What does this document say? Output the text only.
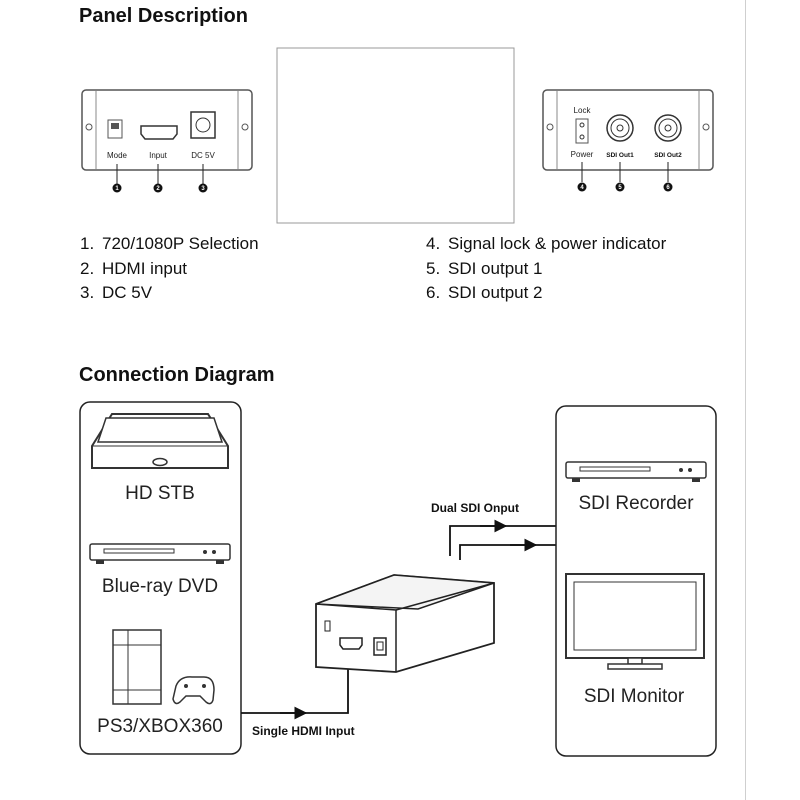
Panel Description
Mode	Input	DC 5V
1	2	3
Lock
Power SDI Out1	SDI Out2
4	5	6
HD STB
Blue-ray DVD
PS3/XBOX360 Single HDMI Input
Dual SDI Onput	SDI Recorder
SDI Monitor
1. 720/1080P Selection
2. HDMI input
3. DC 5V
4. Signal lock & power indicator
5. SDI output 1
6. SDI output 2
Connection Diagram
